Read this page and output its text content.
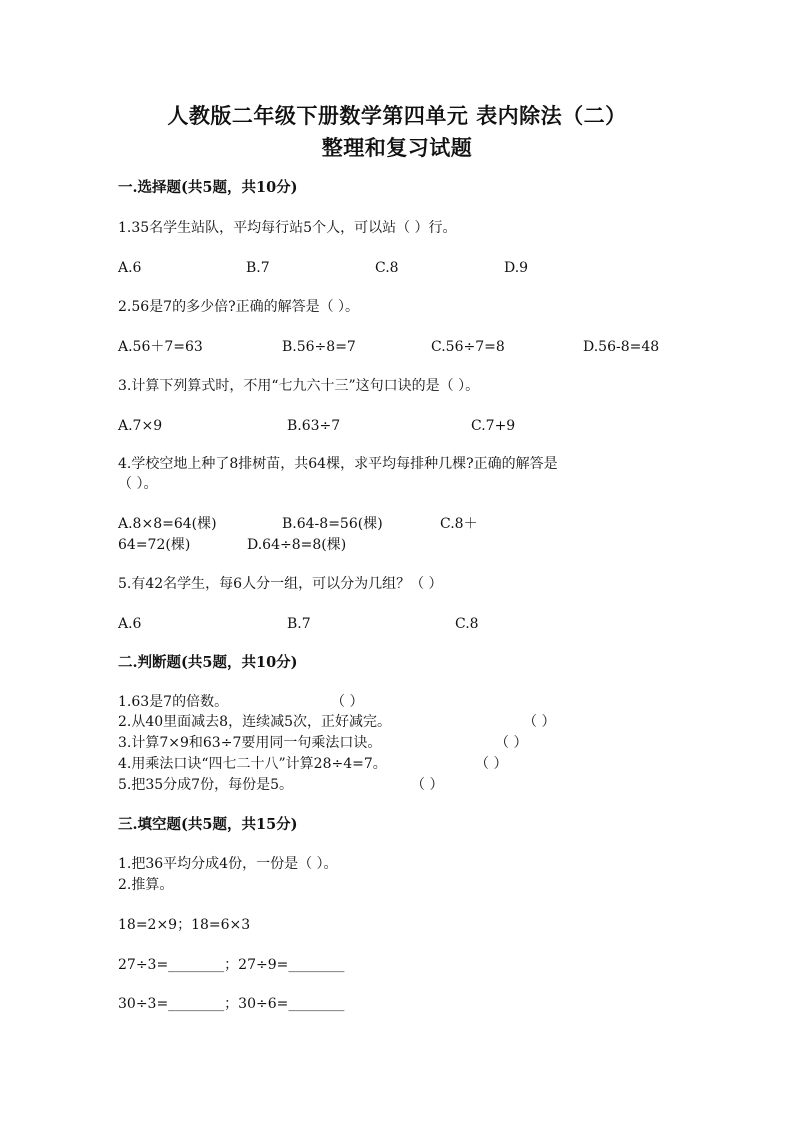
人教版二年级下册数学第四单元 表内除法（二）
整理和复习试题
一.选择题(共5题，共10分)
1.35名学生站队，平均每行站5个人，可以站（ ）行。
A.6	B.7	C.8	D.9
2.56是7的多少倍?正确的解答是（ ）。
A.56＋7=63	B.56÷8=7	C.56÷7=8	D.56-8=48
3.计算下列算式时，不用“七九六十三”这句口诀的是（ ）。
A.7×9	B.63÷7	C.7+9
4.学校空地上种了8排树苗，共64棵，求平均每排种几棵?正确的解答是
（ ）。
A.8×8=64(棵)	B.64-8=56(棵)	C.8＋
64=72(棵)	D.64÷8=8(棵)
5.有42名学生，每6人分一组，可以分为几组？（ ）
A.6	B.7	C.8
二.判断题(共5题，共10分)
1.63是7的倍数。	（ ）
2.从40里面减去8，连续减5次，正好减完。	（ ）
3.计算7×9和63÷7要用同一句乘法口诀。	（ ）
4.用乘法口诀“四七二十八”计算28÷4=7。	（ ）
5.把35分成7份，每份是5。	（ ）
三.填空题(共5题，共15分)
1.把36平均分成4份，一份是（ ）。
2.推算。
18=2×9；18=6×3
27÷3=________；27÷9=________
30÷3=________；30÷6=________
